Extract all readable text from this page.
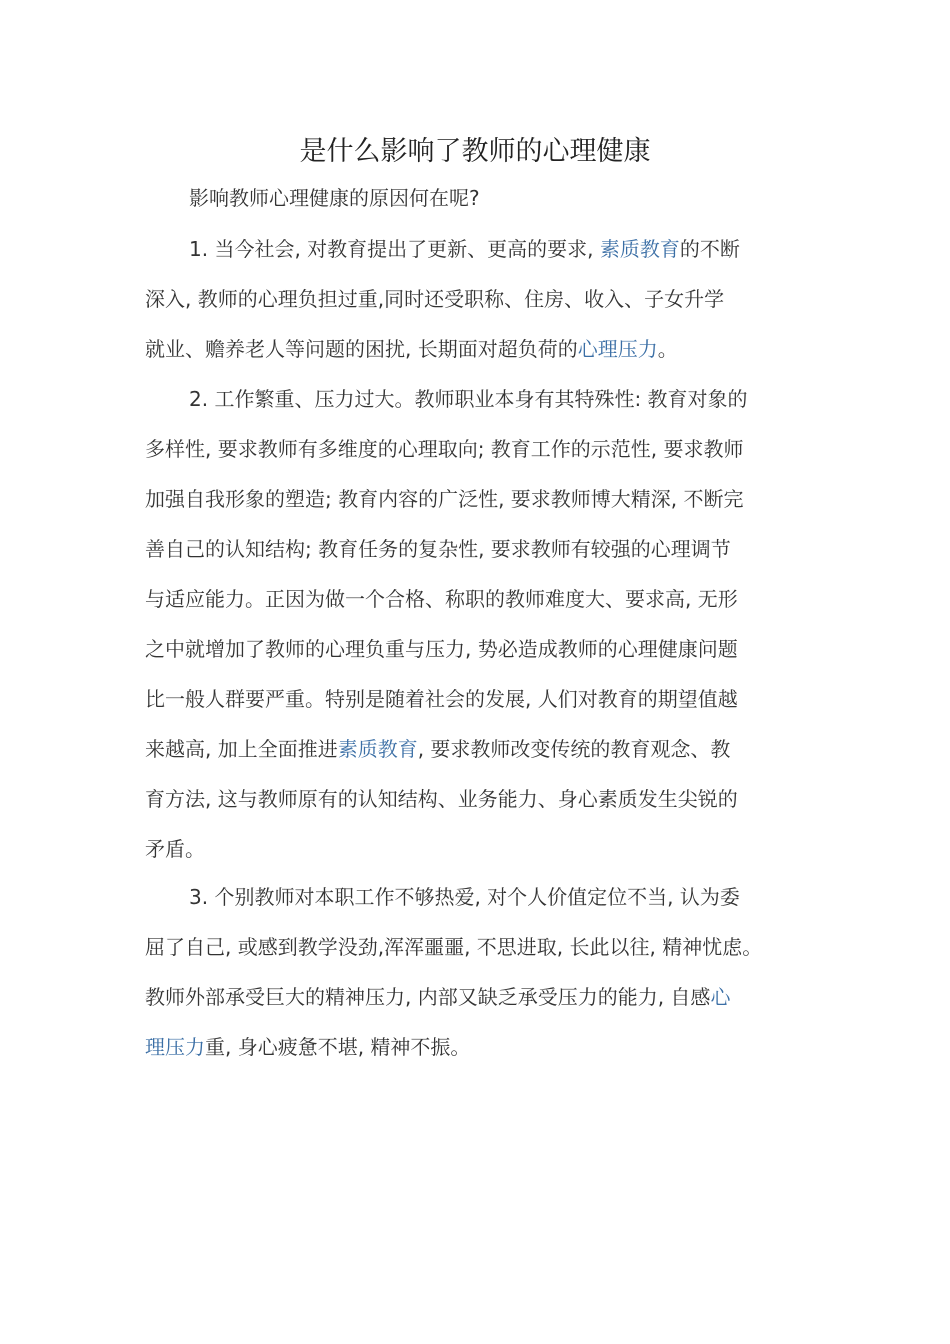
是什么影响了教师的心理健康

影响教师心理健康的原因何在呢?

1. 当今社会, 对教育提出了更新、更高的要求, 素质教育的不断
深入, 教师的心理负担过重,同时还受职称、住房、收入、子女升学
就业、赡养老人等问题的困扰, 长期面对超负荷的心理压力。
2. 工作繁重、压力过大。教师职业本身有其特殊性: 教育对象的
多样性, 要求教师有多维度的心理取向; 教育工作的示范性, 要求教师
加强自我形象的塑造; 教育内容的广泛性, 要求教师博大精深, 不断完
善自己的认知结构; 教育任务的复杂性, 要求教师有较强的心理调节
与适应能力。正因为做一个合格、称职的教师难度大、要求高, 无形
之中就增加了教师的心理负重与压力, 势必造成教师的心理健康问题
比一般人群要严重。特别是随着社会的发展, 人们对教育的期望值越
来越高, 加上全面推进素质教育, 要求教师改变传统的教育观念、教
育方法, 这与教师原有的认知结构、业务能力、身心素质发生尖锐的
矛盾。
3. 个别教师对本职工作不够热爱, 对个人价值定位不当, 认为委
屈了自己, 或感到教学没劲,浑浑噩噩, 不思进取, 长此以往, 精神忧虑。
教师外部承受巨大的精神压力, 内部又缺乏承受压力的能力, 自感心
理压力重, 身心疲惫不堪, 精神不振。
